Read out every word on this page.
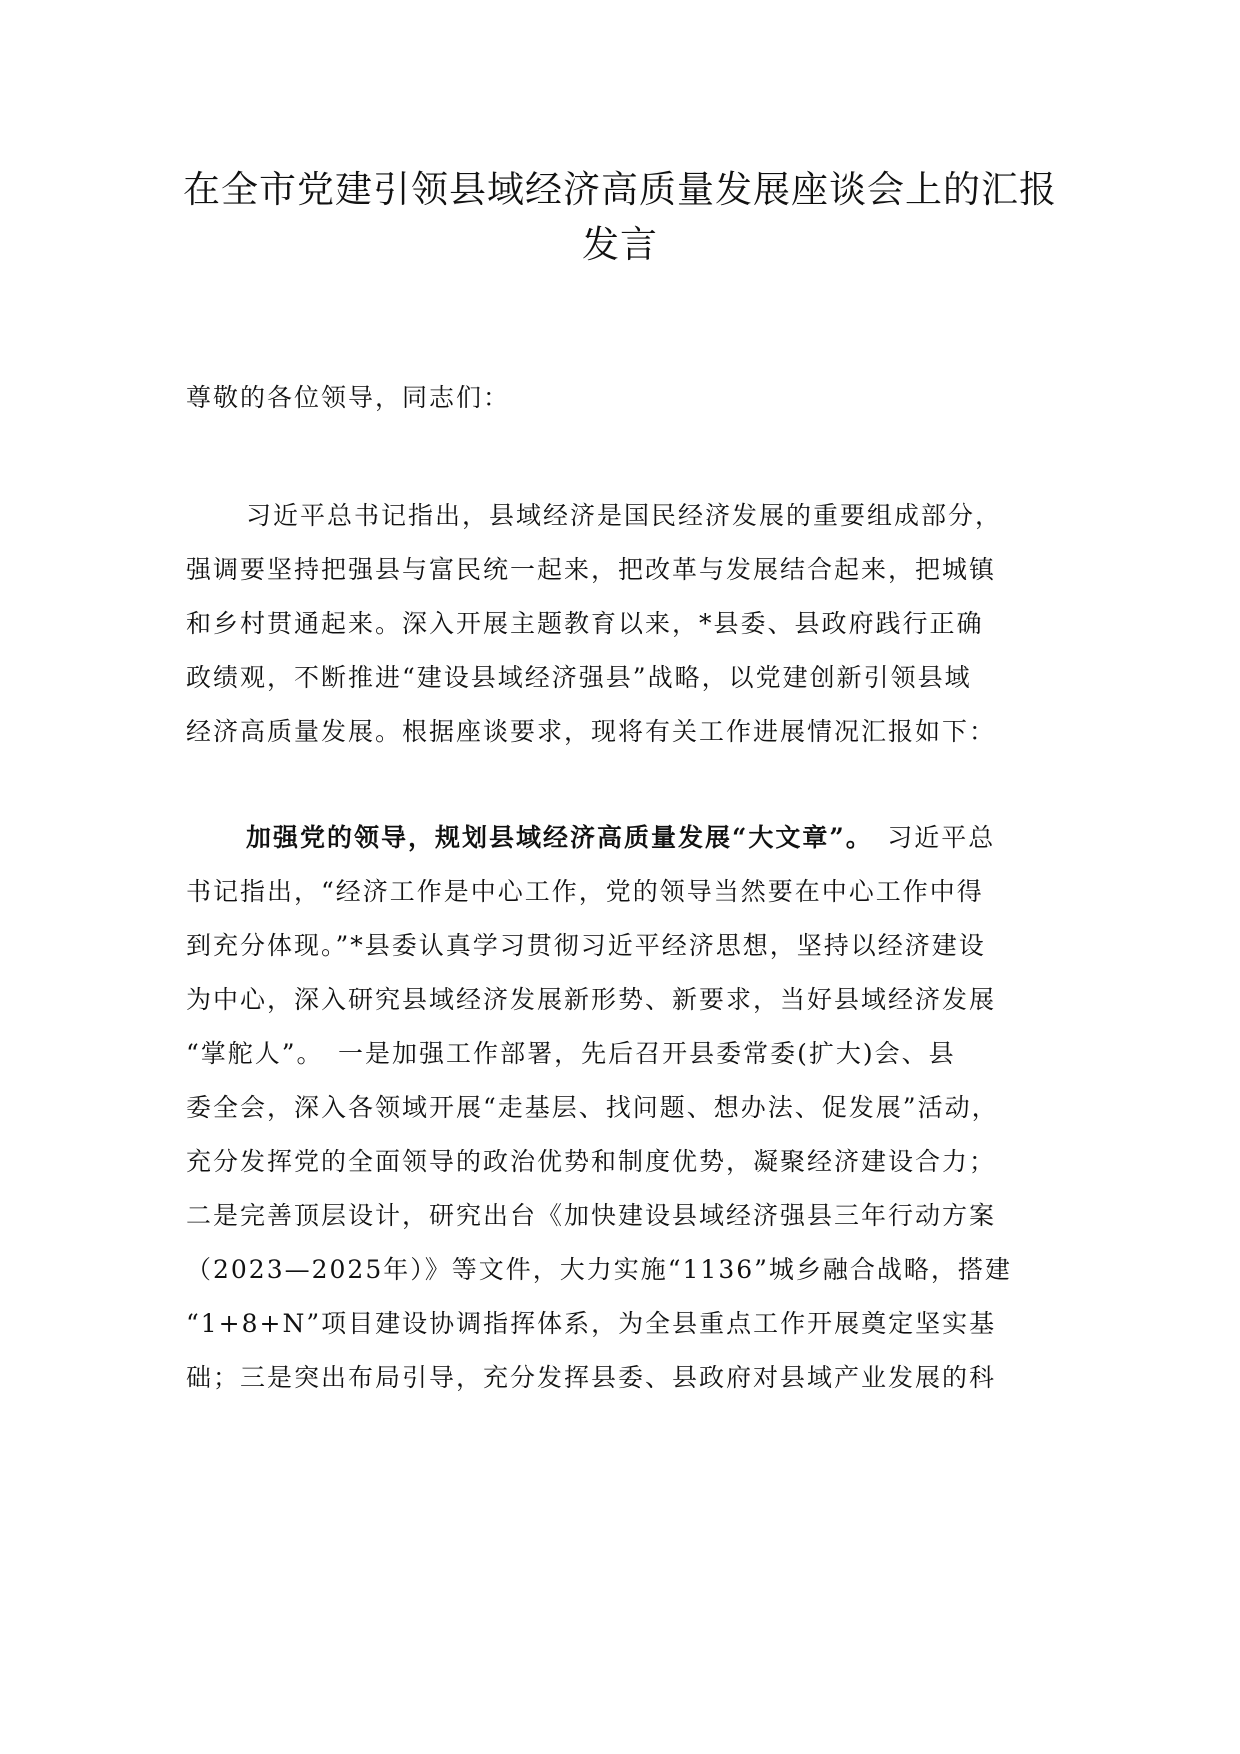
在全市党建引领县域经济高质量发展座谈会上的汇报
发言
尊敬的各位领导，同志们：
习近平总书记指出，县域经济是国民经济发展的重要组成部分，
强调要坚持把强县与富民统一起来，把改革与发展结合起来，把城镇
和乡村贯通起来。深入开展主题教育以来，*县委、县政府践行正确
政绩观，不断推进“建设县域经济强县”战略，以党建创新引领县域
经济高质量发展。根据座谈要求，现将有关工作进展情况汇报如下：
加强党的领导，规划县域经济高质量发展“大文章”。　习近平总
书记指出，“经济工作是中心工作，党的领导当然要在中心工作中得
到充分体现。”*县委认真学习贯彻习近平经济思想，坚持以经济建设
为中心，深入研究县域经济发展新形势、新要求，当好县域经济发展
“掌舵人”。　一是加强工作部署，先后召开县委常委(扩大)会、县
委全会，深入各领域开展“走基层、找问题、想办法、促发展”活动，
充分发挥党的全面领导的政治优势和制度优势，凝聚经济建设合力；
二是完善顶层设计，研究出台《加快建设县域经济强县三年行动方案
（2023—2025年）》等文件，大力实施“1136”城乡融合战略，搭建
“1+8+N”项目建设协调指挥体系，为全县重点工作开展奠定坚实基
础；三是突出布局引导，充分发挥县委、县政府对县域产业发展的科
